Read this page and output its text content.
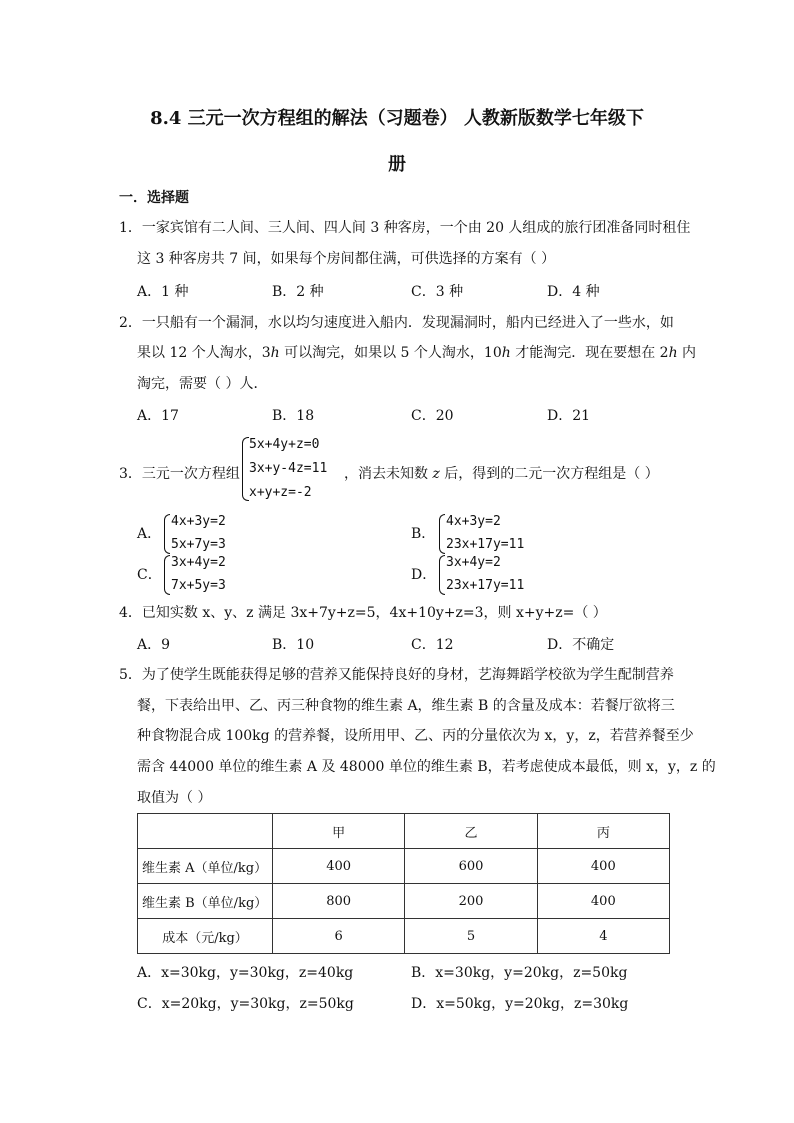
8.4 三元一次方程组的解法（习题卷） 人教新版数学七年级下
册
一．选择题
1．一家宾馆有二人间、三人间、四人间 3 种客房，一个由 20 人组成的旅行团准备同时租住
这 3 种客房共 7 间，如果每个房间都住满，可供选择的方案有（ ）
A．1 种	B．2 种	C．3 种	D．4 种
2．一只船有一个漏洞，水以均匀速度进入船内．发现漏洞时，船内已经进入了一些水，如
果以 12 个人淘水，3h 可以淘完，如果以 5 个人淘水，10h 才能淘完．现在要想在 2h 内
淘完，需要（ ）人．
A．17	B．18	C．20	D．21
3．三元一次方程组
5x+4y+z=0
3x+y-4z=11
x+y+z=-2
，消去未知数 z 后，得到的二元一次方程组是（ ）
A．
4x+3y=2
5x+7y=3
B．
4x+3y=2
23x+17y=11
C．
3x+4y=2
7x+5y=3
D．
3x+4y=2
23x+17y=11
4．已知实数 x、y、z 满足 3x+7y+z=5，4x+10y+z=3，则 x+y+z=（ ）
A．9	B．10	C．12	D．不确定
5．为了使学生既能获得足够的营养又能保持良好的身材，艺海舞蹈学校欲为学生配制营养
餐，下表给出甲、乙、丙三种食物的维生素 A，维生素 B 的含量及成本：若餐厅欲将三
种食物混合成 100kg 的营养餐，设所用甲、乙、丙的分量依次为 x，y，z，若营养餐至少
需含 44000 单位的维生素 A 及 48000 单位的维生素 B，若考虑使成本最低，则 x，y，z 的
取值为（ ）
	甲	乙	丙
维生素 A（单位/kg）	400	600	400
维生素 B（单位/kg）	800	200	400
成本（元/kg）	6	5	4
A．x=30kg，y=30kg，z=40kg	B．x=30kg，y=20kg，z=50kg
C．x=20kg，y=30kg，z=50kg	D．x=50kg，y=20kg，z=30kg
